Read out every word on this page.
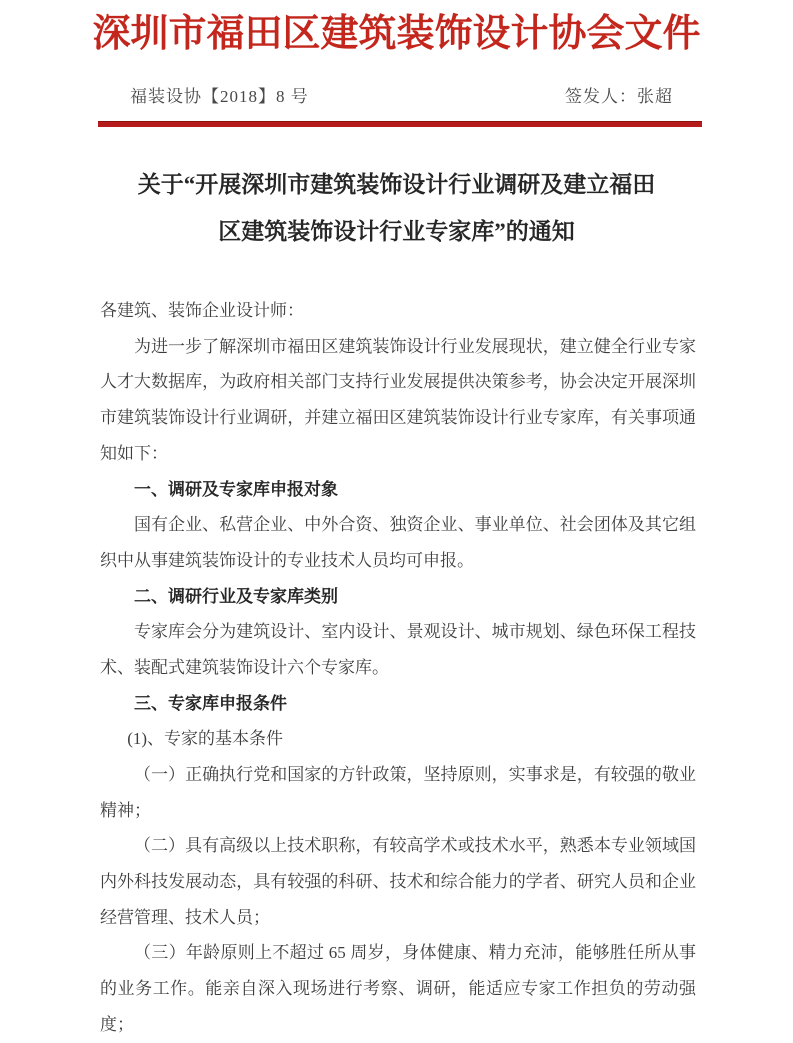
深圳市福田区建筑装饰设计协会文件
福装设协【2018】8 号	签发人：张超
关于“开展深圳市建筑装饰设计行业调研及建立福田
区建筑装饰设计行业专家库”的通知

各建筑、装饰企业设计师：

为进一步了解深圳市福田区建筑装饰设计行业发展现状，建立健全行业专家人才大数据库，为政府相关部门支持行业发展提供决策参考，协会决定开展深圳市建筑装饰设计行业调研，并建立福田区建筑装饰设计行业专家库，有关事项通知如下：

一、调研及专家库申报对象

国有企业、私营企业、中外合资、独资企业、事业单位、社会团体及其它组织中从事建筑装饰设计的专业技术人员均可申报。

二、调研行业及专家库类别

专家库会分为建筑设计、室内设计、景观设计、城市规划、绿色环保工程技术、装配式建筑装饰设计六个专家库。

三、专家库申报条件

(1)、专家的基本条件

（一）正确执行党和国家的方针政策，坚持原则，实事求是，有较强的敬业精神；

（二）具有高级以上技术职称，有较高学术或技术水平，熟悉本专业领域国内外科技发展动态，具有较强的科研、技术和综合能力的学者、研究人员和企业经营管理、技术人员；

（三）年龄原则上不超过 65 周岁，身体健康、精力充沛，能够胜任所从事的业务工作。能亲自深入现场进行考察、调研，能适应专家工作担负的劳动强度；
